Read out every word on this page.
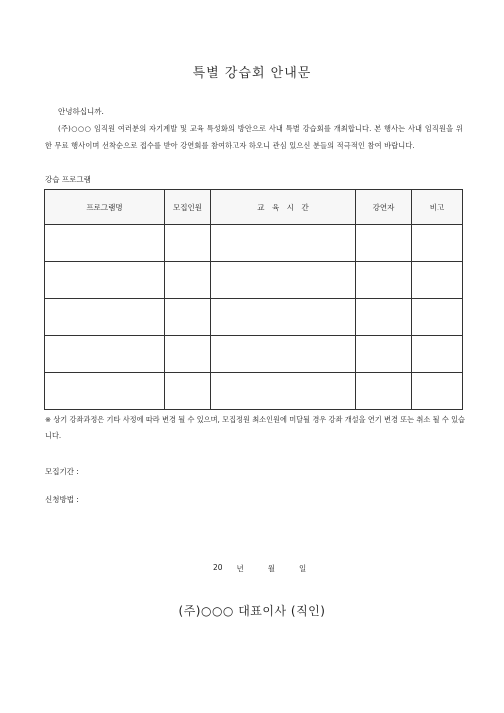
특별 강습회 안내문
안녕하십니까.
(주)○○○ 임직원 여러분의 자기계발 및 교육 특성화의 방안으로 사내 특별 강습회를 개최합니다. 본 행사는 사내 임직원을 위한 무료 행사이며 선착순으로 접수를 받아 강연회를 참여하고자 하오니 관심 있으신 분들의 적극적인 참여 바랍니다.
강습 프로그램
프로그램명	모집인원	교　육　시　간	강연자	비고

※ 상기 강좌과정은 기타 사정에 따라 변경 될 수 있으며, 모집정원 최소인원에 미달될 경우 강좌 개설을 연기 변경 또는 취소 될 수 있습니다.
모집기간 :
신청방법 :
20 년	월	일
(주)○○○ 대표이사 (직인)
